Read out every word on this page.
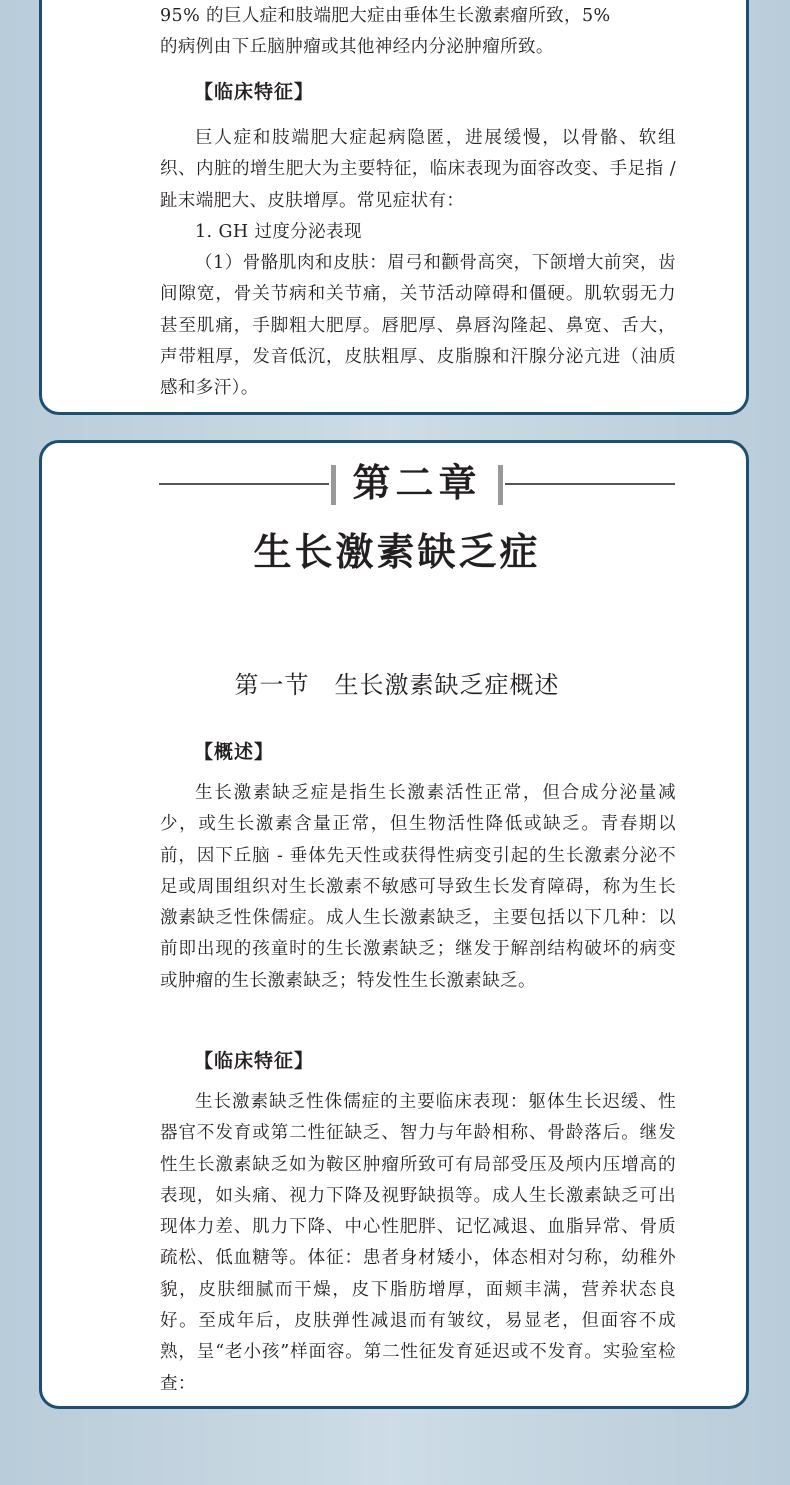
95% 的巨人症和肢端肥大症由垂体生长激素瘤所致，5%

的病例由下丘脑肿瘤或其他神经内分泌肿瘤所致。

【临床特征】

巨人症和肢端肥大症起病隐匿，进展缓慢，以骨骼、软组织、内脏的增生肥大为主要特征，临床表现为面容改变、手足指 / 趾末端肥大、皮肤增厚。常见症状有：

1. GH 过度分泌表现

（1）骨骼肌肉和皮肤：眉弓和颧骨高突，下颌增大前突，齿间隙宽，骨关节病和关节痛，关节活动障碍和僵硬。肌软弱无力甚至肌痛，手脚粗大肥厚。唇肥厚、鼻唇沟隆起、鼻宽、舌大，声带粗厚，发音低沉，皮肤粗厚、皮脂腺和汗腺分泌亢进（油质感和多汗）。

第二章
生长激素缺乏症
第一节　生长激素缺乏症概述

【概述】

生长激素缺乏症是指生长激素活性正常，但合成分泌量减少，或生长激素含量正常，但生物活性降低或缺乏。青春期以前，因下丘脑 - 垂体先天性或获得性病变引起的生长激素分泌不足或周围组织对生长激素不敏感可导致生长发育障碍，称为生长激素缺乏性侏儒症。成人生长激素缺乏，主要包括以下几种：以前即出现的孩童时的生长激素缺乏；继发于解剖结构破坏的病变或肿瘤的生长激素缺乏；特发性生长激素缺乏。

【临床特征】

生长激素缺乏性侏儒症的主要临床表现：躯体生长迟缓、性器官不发育或第二性征缺乏、智力与年龄相称、骨龄落后。继发性生长激素缺乏如为鞍区肿瘤所致可有局部受压及颅内压增高的表现，如头痛、视力下降及视野缺损等。成人生长激素缺乏可出现体力差、肌力下降、中心性肥胖、记忆减退、血脂异常、骨质疏松、低血糖等。体征：患者身材矮小，体态相对匀称，幼稚外貌，皮肤细腻而干燥，皮下脂肪增厚，面颊丰满，营养状态良好。至成年后，皮肤弹性减退而有皱纹，易显老，但面容不成熟，呈“老小孩”样面容。第二性征发育延迟或不发育。实验室检查：
